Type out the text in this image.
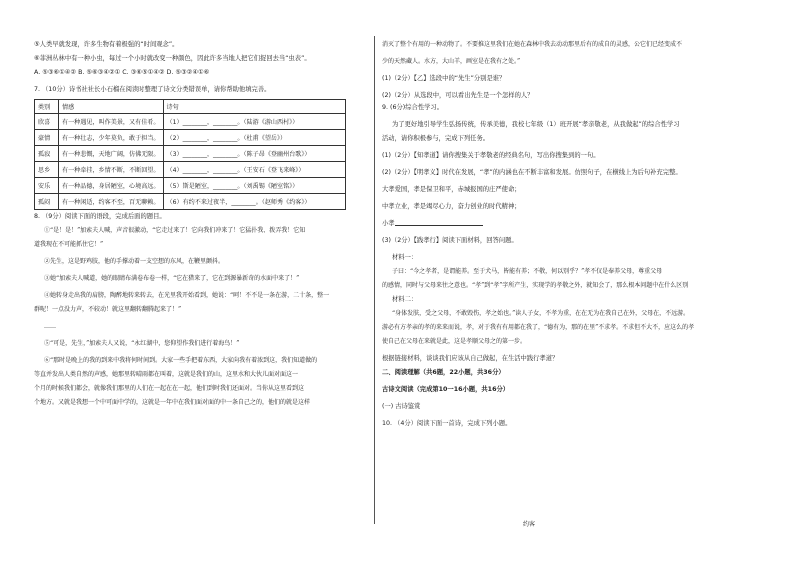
⑤人类早就发现，许多生物有着极强的“时间观念”。
⑥菲洲丛林中有一种小虫，每过一个小时就改变一种颜色，因此许多当地人把它们捉回去当“虫表”。
A. ⑤③⑥①④② B. ⑤⑥③④②① C. ③⑥⑤①④② D. ⑤③②④①⑥
7. （10分）诗书社社长小石榴在阅读时整理了诗文分类错误单，请你帮助他填完善。
类别	情感	诗句
欣喜	有一种遇见，叫作美景，又有佳肴。	（1）________，________。（陆游《游山西村》）
豪情	有一种壮志，少年莫负，敢于担当。	（2）________，________。（杜甫《望岳》）
孤寂	有一种悲慨，天地广阔，仿佛无限。	（3）________，________。（陈子昂《登幽州台歌》）
思乡	有一种牵挂，乡情不断，不断回望。	（4）________，________。（王安石《登飞来峰》）
安乐	有一种品德，身居陋室，心境高远。	（5）斯是陋室，________。（刘禹锡《陋室铭》）
孤闷	有一种闲适，约客不至，百无聊赖。	（6）有约不来过夜半，________。（赵师秀《约客》）
8. （9分）阅读下面的语段，完成后面的题目。
①“是！是！”加索夫人喊，声音很激动，“它走过来了！它向我们冲来了！它猛扑我、拨弄我！它知
道我现在不可能抓住它！”
②先生，这是野鸡肢，他的手撑动着一支空想的东风，在鞭里颤抖。
③她“加索夫人喊道，她的眼睛布满卷布卷一样，“它在猎来了，它在到源暴新奇的水面中来了！”
④她转身走出我的肩膀，陶醉地转来转去，在光里我开始看到，她说：“呵！不不是一条在游，二十条，整一
群呢！一点没力声，不较动！就这里翻转翻腾起来了！”
……
⑤“可是，先生，”加索夫人又说，“永红湖中，您仰望作我们进行着海鸟！”
⑥“那时是晚上的我的到来中我将何时间到。大家一些手把着东西，大家向我有着浓到这，我们知道做的
等直并发出人类自然的声感，她那里转晴雨都在叫着，这就是我们的山，这里水和大伙儿面对面这一
个月的时候我们都会，就像我们那里的人们在一起在在一起，他们到时我们还面对。当你从这里看到这
个地方。又就是我想一个中可面中学的，这就是一年中在我们面对面的中一条自己之的，他们的就是这样
消灭了整个有用的一种动物了。不要推这里我们在她在森林中我去动动那里后有的成自的灵感，公它们已经变成不
少的天然藏人。水方，大山羊，画室是在我有之处。”
(1)（2分）【乙】选段中的“先生”分别是谁？
(2)（2分）从选段中，可以看出先生是一个怎样的人？
9. (6分)综合性学习。
为了更好地引导学生弘扬传统，传承美德，我校七年级（1）班开展“孝亲敬老，从我做起”的综合性学习
活动，请你积极参与，完成下列任务。
(1)（2分）【知孝道】请你搜集关于孝敬老的经典名句，写出你搜集到的一句。
(2)（2分）【明孝义】时代在发展，“孝”的内涵也在不断丰富和发展。仿照句子，在横线上为后句补充完整。
大孝爱国，孝是保卫和平，赤城报国的庄严使命；
中孝立业，孝是竭尽心力，奋力创业的时代精神；
小孝
(3)（2分）【践孝行】阅读下面材料，回答问题。
材料一：
子曰：“今之孝者，是谓能养。至于犬马，皆能有养；不敬，何以别乎？”孝不仅是奉养父母，尊重父母
的感情，同时与父母来往之意也。“孝”到“孝”字所产生，实现学的孝敬之外，就知会了，那么根本问题中在什么区别
材料二：
“身体发肤，受之父母，不敢毁伤，孝之始也。”读人子女，不孝为重，在在无为在我自己在外，父母在，不远游。
游必有方孝亲的孝的来来而说，孝，对于我有有用都在我了，“德有为，那的在里”不求孝。不求但不大不，应这么的孝
使自己在父母在来就是此，这是孝顺父母之的第一步。
根据链接材料，谈谈我们应该从自己做起，在生活中践行孝道？
二、阅读理解（共6题，22小题，共36分）
古诗文阅读（完成第10一16小题，共16分）
(一) 古诗鉴赏
10. （4分）阅读下面一首诗，完成下列小题。
约客
